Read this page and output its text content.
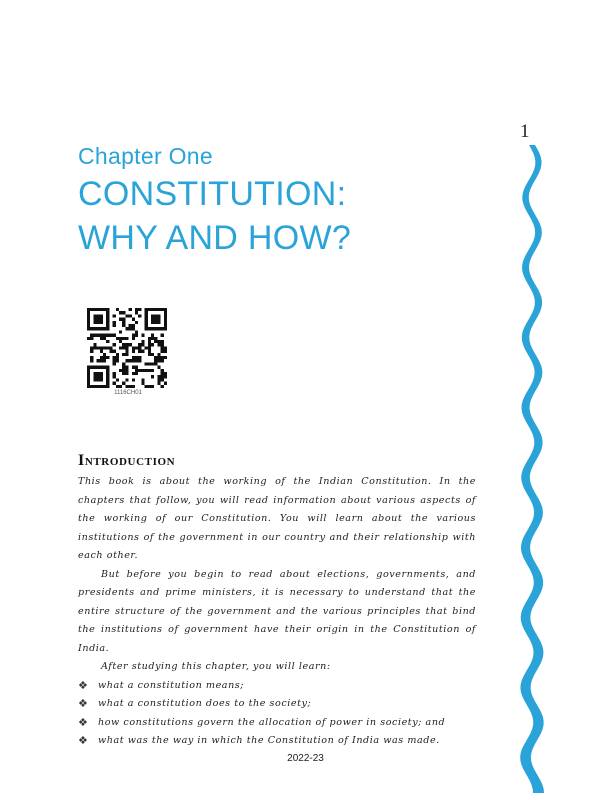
1
Chapter One
CONSTITUTION:
WHY AND HOW?
1116CH01
Introduction

This book is about the working of the Indian Constitution. In the chapters that follow, you will read information about various aspects of the working of our Constitution. You will learn about the various institutions of the government in our country and their relationship with each other.

But before you begin to read about elections, governments, and presidents and prime ministers, it is necessary to understand that the entire structure of the government and the various principles that bind the institutions of government have their origin in the Constitution of India.

After studying this chapter, you will learn:

❖ what a constitution means;
❖ what a constitution does to the society;
❖ how constitutions govern the allocation of power in society; and
❖ what was the way in which the Constitution of India was made.
2022-23
